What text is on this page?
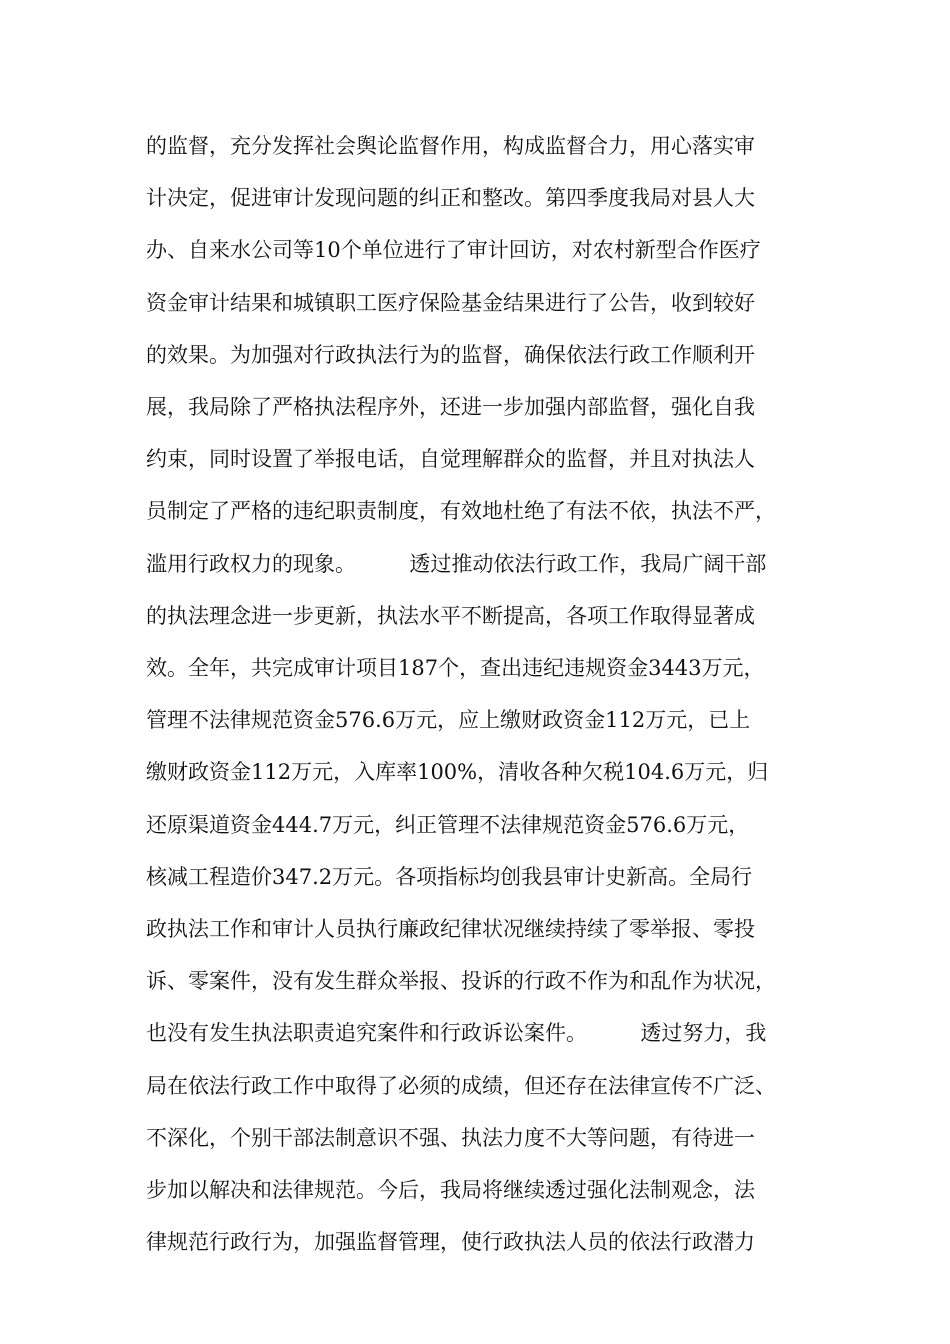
的监督，充分发挥社会舆论监督作用，构成监督合力，用心落实审
计决定，促进审计发现问题的纠正和整改。第四季度我局对县人大
办、自来水公司等10个单位进行了审计回访，对农村新型合作医疗
资金审计结果和城镇职工医疗保险基金结果进行了公告，收到较好
的效果。为加强对行政执法行为的监督，确保依法行政工作顺利开
展，我局除了严格执法程序外，还进一步加强内部监督，强化自我
约束，同时设置了举报电话，自觉理解群众的监督，并且对执法人
员制定了严格的违纪职责制度，有效地杜绝了有法不依，执法不严，
滥用行政权力的现象。        透过推动依法行政工作，我局广阔干部
的执法理念进一步更新，执法水平不断提高，各项工作取得显著成
效。全年，共完成审计项目187个，查出违纪违规资金3443万元，
管理不法律规范资金576.6万元，应上缴财政资金112万元，已上
缴财政资金112万元，入库率100%，清收各种欠税104.6万元，归
还原渠道资金444.7万元，纠正管理不法律规范资金576.6万元，
核减工程造价347.2万元。各项指标均创我县审计史新高。全局行
政执法工作和审计人员执行廉政纪律状况继续持续了零举报、零投
诉、零案件，没有发生群众举报、投诉的行政不作为和乱作为状况，
也没有发生执法职责追究案件和行政诉讼案件。        透过努力，我
局在依法行政工作中取得了必须的成绩，但还存在法律宣传不广泛、
不深化，个别干部法制意识不强、执法力度不大等问题，有待进一
步加以解决和法律规范。今后，我局将继续透过强化法制观念，法
律规范行政行为，加强监督管理，使行政执法人员的依法行政潜力
